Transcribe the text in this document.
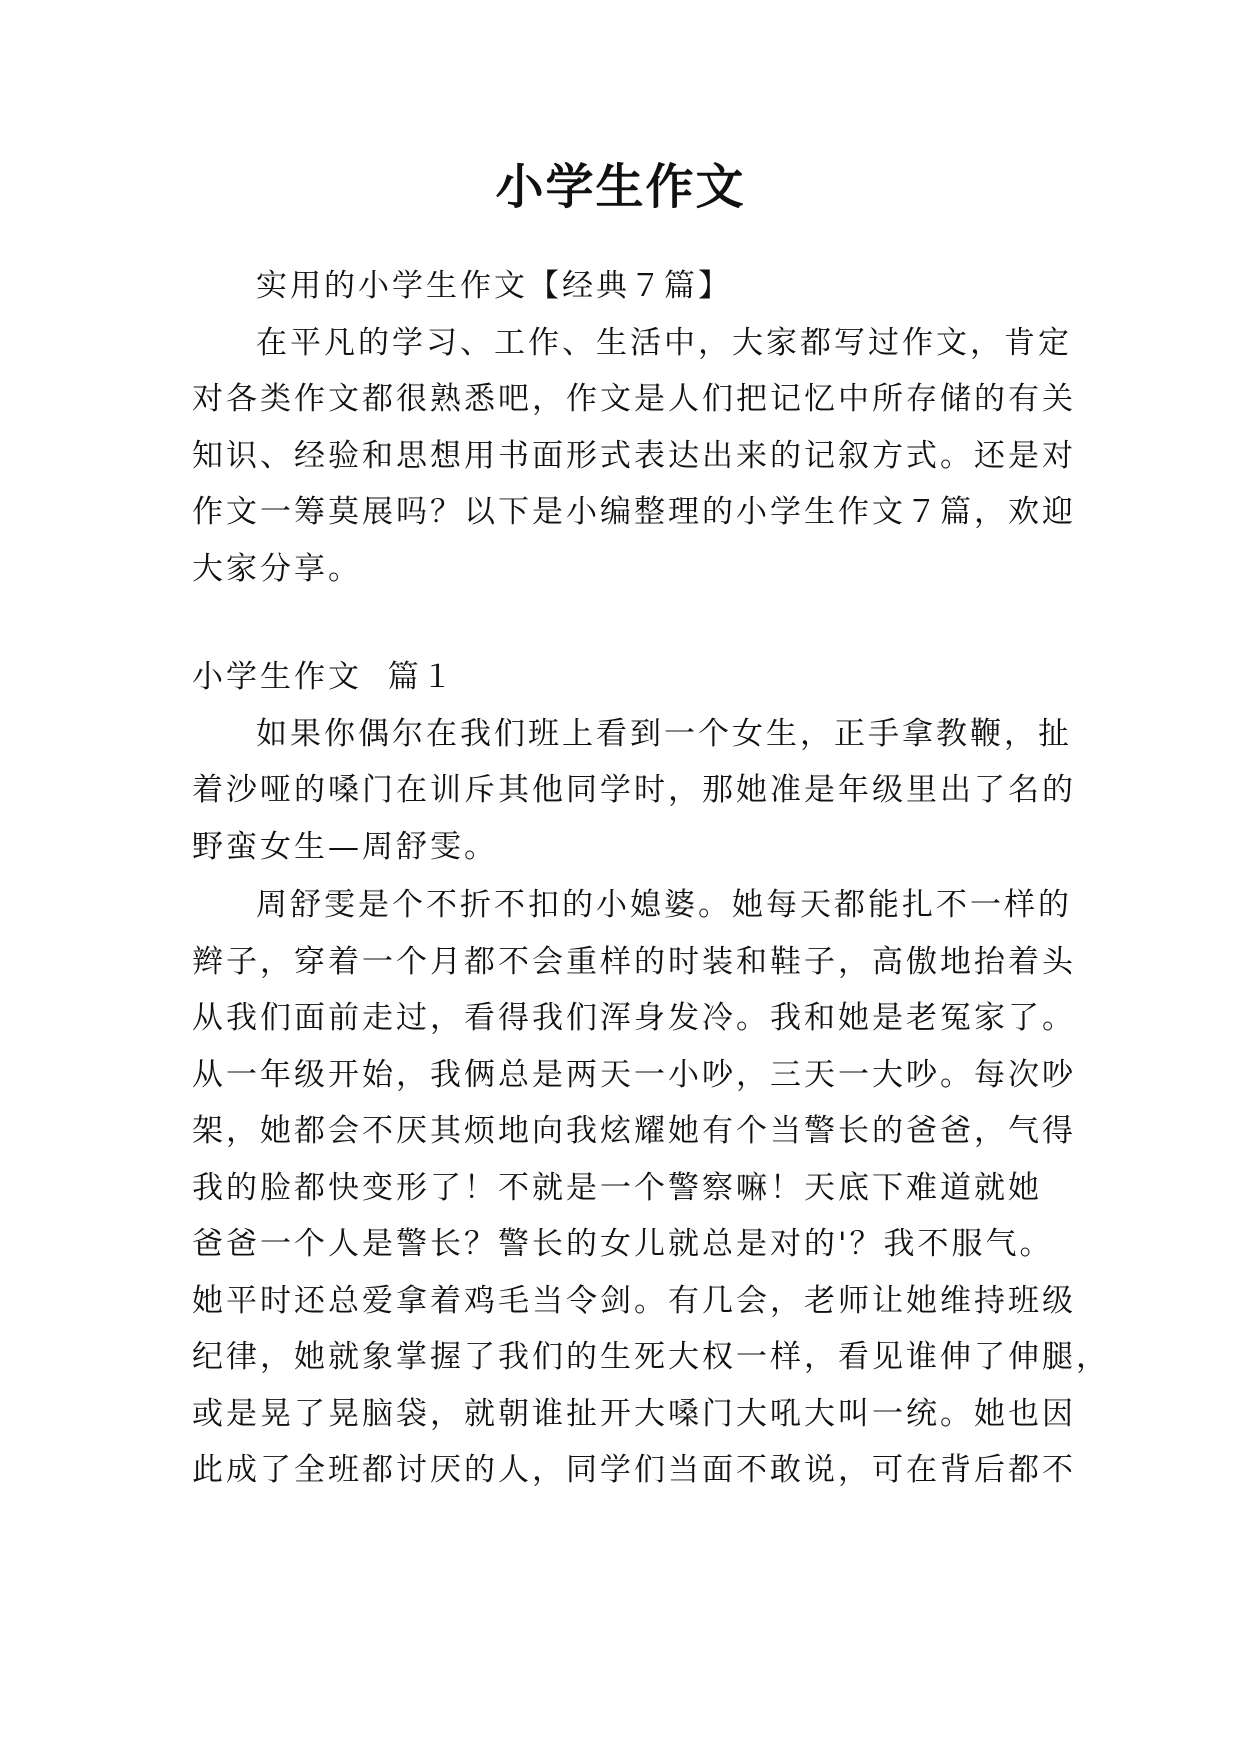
小学生作文
实用的小学生作文【经典７篇】
在平凡的学习、工作、生活中，大家都写过作文，肯定
对各类作文都很熟悉吧，作文是人们把记忆中所存储的有关
知识、经验和思想用书面形式表达出来的记叙方式。还是对
作文一筹莫展吗？以下是小编整理的小学生作文７篇，欢迎
大家分享。
小学生作文  篇１
如果你偶尔在我们班上看到一个女生，正手拿教鞭，扯
着沙哑的嗓门在训斥其他同学时，那她准是年级里出了名的
野蛮女生—周舒雯。
周舒雯是个不折不扣的小媳婆。她每天都能扎不一样的
辫子，穿着一个月都不会重样的时装和鞋子，高傲地抬着头
从我们面前走过，看得我们浑身发冷。我和她是老冤家了。
从一年级开始，我俩总是两天一小吵，三天一大吵。每次吵
架，她都会不厌其烦地向我炫耀她有个当警长的爸爸，气得
我的脸都快变形了！不就是一个警察嘛！天底下难道就她
爸爸一个人是警长？警长的女儿就总是对的'？我不服气。
她平时还总爱拿着鸡毛当令剑。有几会，老师让她维持班级
纪律，她就象掌握了我们的生死大权一样，看见谁伸了伸腿，
或是晃了晃脑袋，就朝谁扯开大嗓门大吼大叫一统。她也因
此成了全班都讨厌的人，同学们当面不敢说，可在背后都不
